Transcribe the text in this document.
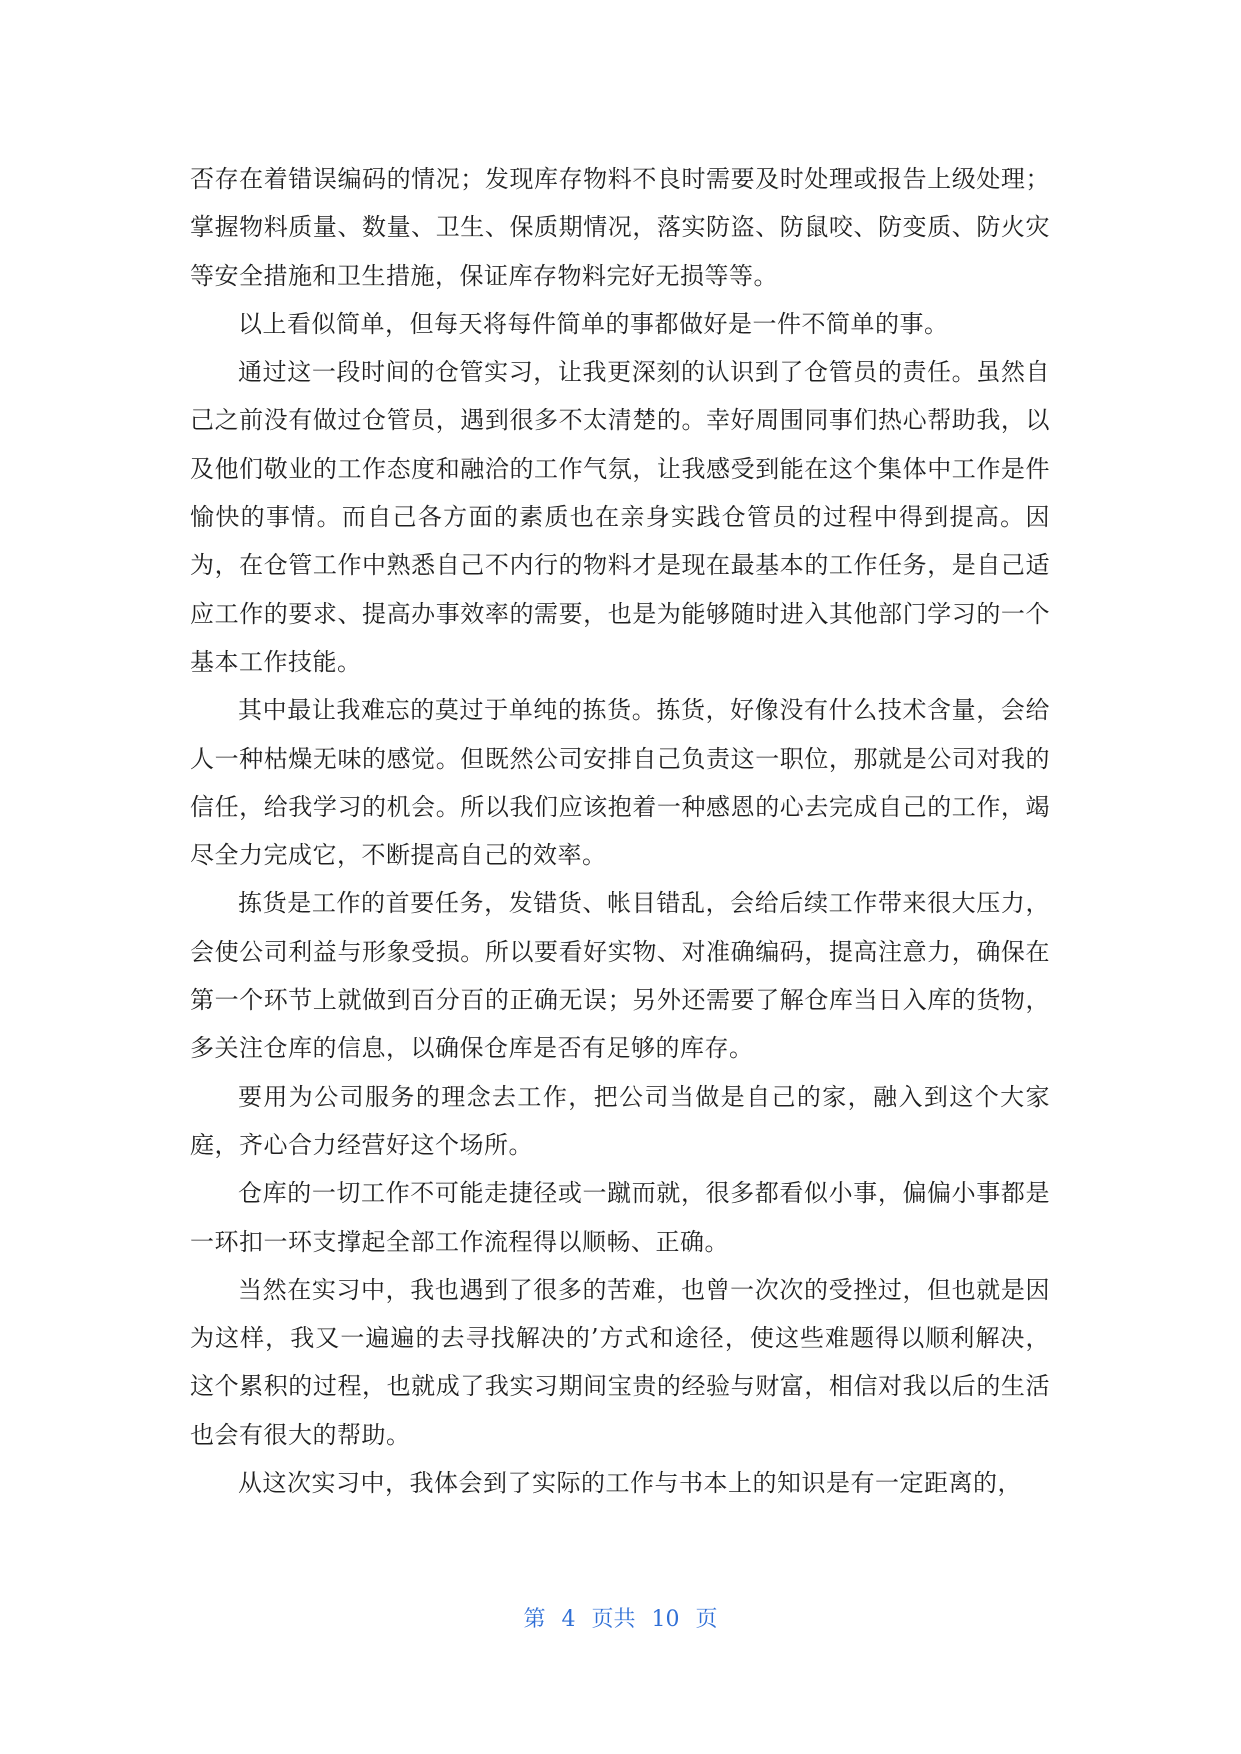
否存在着错误编码的情况；发现库存物料不良时需要及时处理或报告上级处理；掌握物料质量、数量、卫生、保质期情况，落实防盗、防鼠咬、防变质、防火灾等安全措施和卫生措施，保证库存物料完好无损等等。

以上看似简单，但每天将每件简单的事都做好是一件不简单的事。

通过这一段时间的仓管实习，让我更深刻的认识到了仓管员的责任。虽然自己之前没有做过仓管员，遇到很多不太清楚的。幸好周围同事们热心帮助我，以及他们敬业的工作态度和融洽的工作气氛，让我感受到能在这个集体中工作是件愉快的事情。而自己各方面的素质也在亲身实践仓管员的过程中得到提高。因为，在仓管工作中熟悉自己不内行的物料才是现在最基本的工作任务，是自己适应工作的要求、提高办事效率的需要，也是为能够随时进入其他部门学习的一个基本工作技能。

其中最让我难忘的莫过于单纯的拣货。拣货，好像没有什么技术含量，会给人一种枯燥无味的感觉。但既然公司安排自己负责这一职位，那就是公司对我的信任，给我学习的机会。所以我们应该抱着一种感恩的心去完成自己的工作，竭尽全力完成它，不断提高自己的效率。

拣货是工作的首要任务，发错货、帐目错乱，会给后续工作带来很大压力，会使公司利益与形象受损。所以要看好实物、对准确编码，提高注意力，确保在第一个环节上就做到百分百的正确无误；另外还需要了解仓库当日入库的货物，多关注仓库的信息，以确保仓库是否有足够的库存。

要用为公司服务的理念去工作，把公司当做是自己的家，融入到这个大家庭，齐心合力经营好这个场所。

仓库的一切工作不可能走捷径或一蹴而就，很多都看似小事，偏偏小事都是一环扣一环支撑起全部工作流程得以顺畅、正确。

当然在实习中，我也遇到了很多的苦难，也曾一次次的受挫过，但也就是因为这样，我又一遍遍的去寻找解决的’方式和途径，使这些难题得以顺利解决，这个累积的过程，也就成了我实习期间宝贵的经验与财富，相信对我以后的生活也会有很大的帮助。

从这次实习中，我体会到了实际的工作与书本上的知识是有一定距离的，

第 4 页共 10 页
